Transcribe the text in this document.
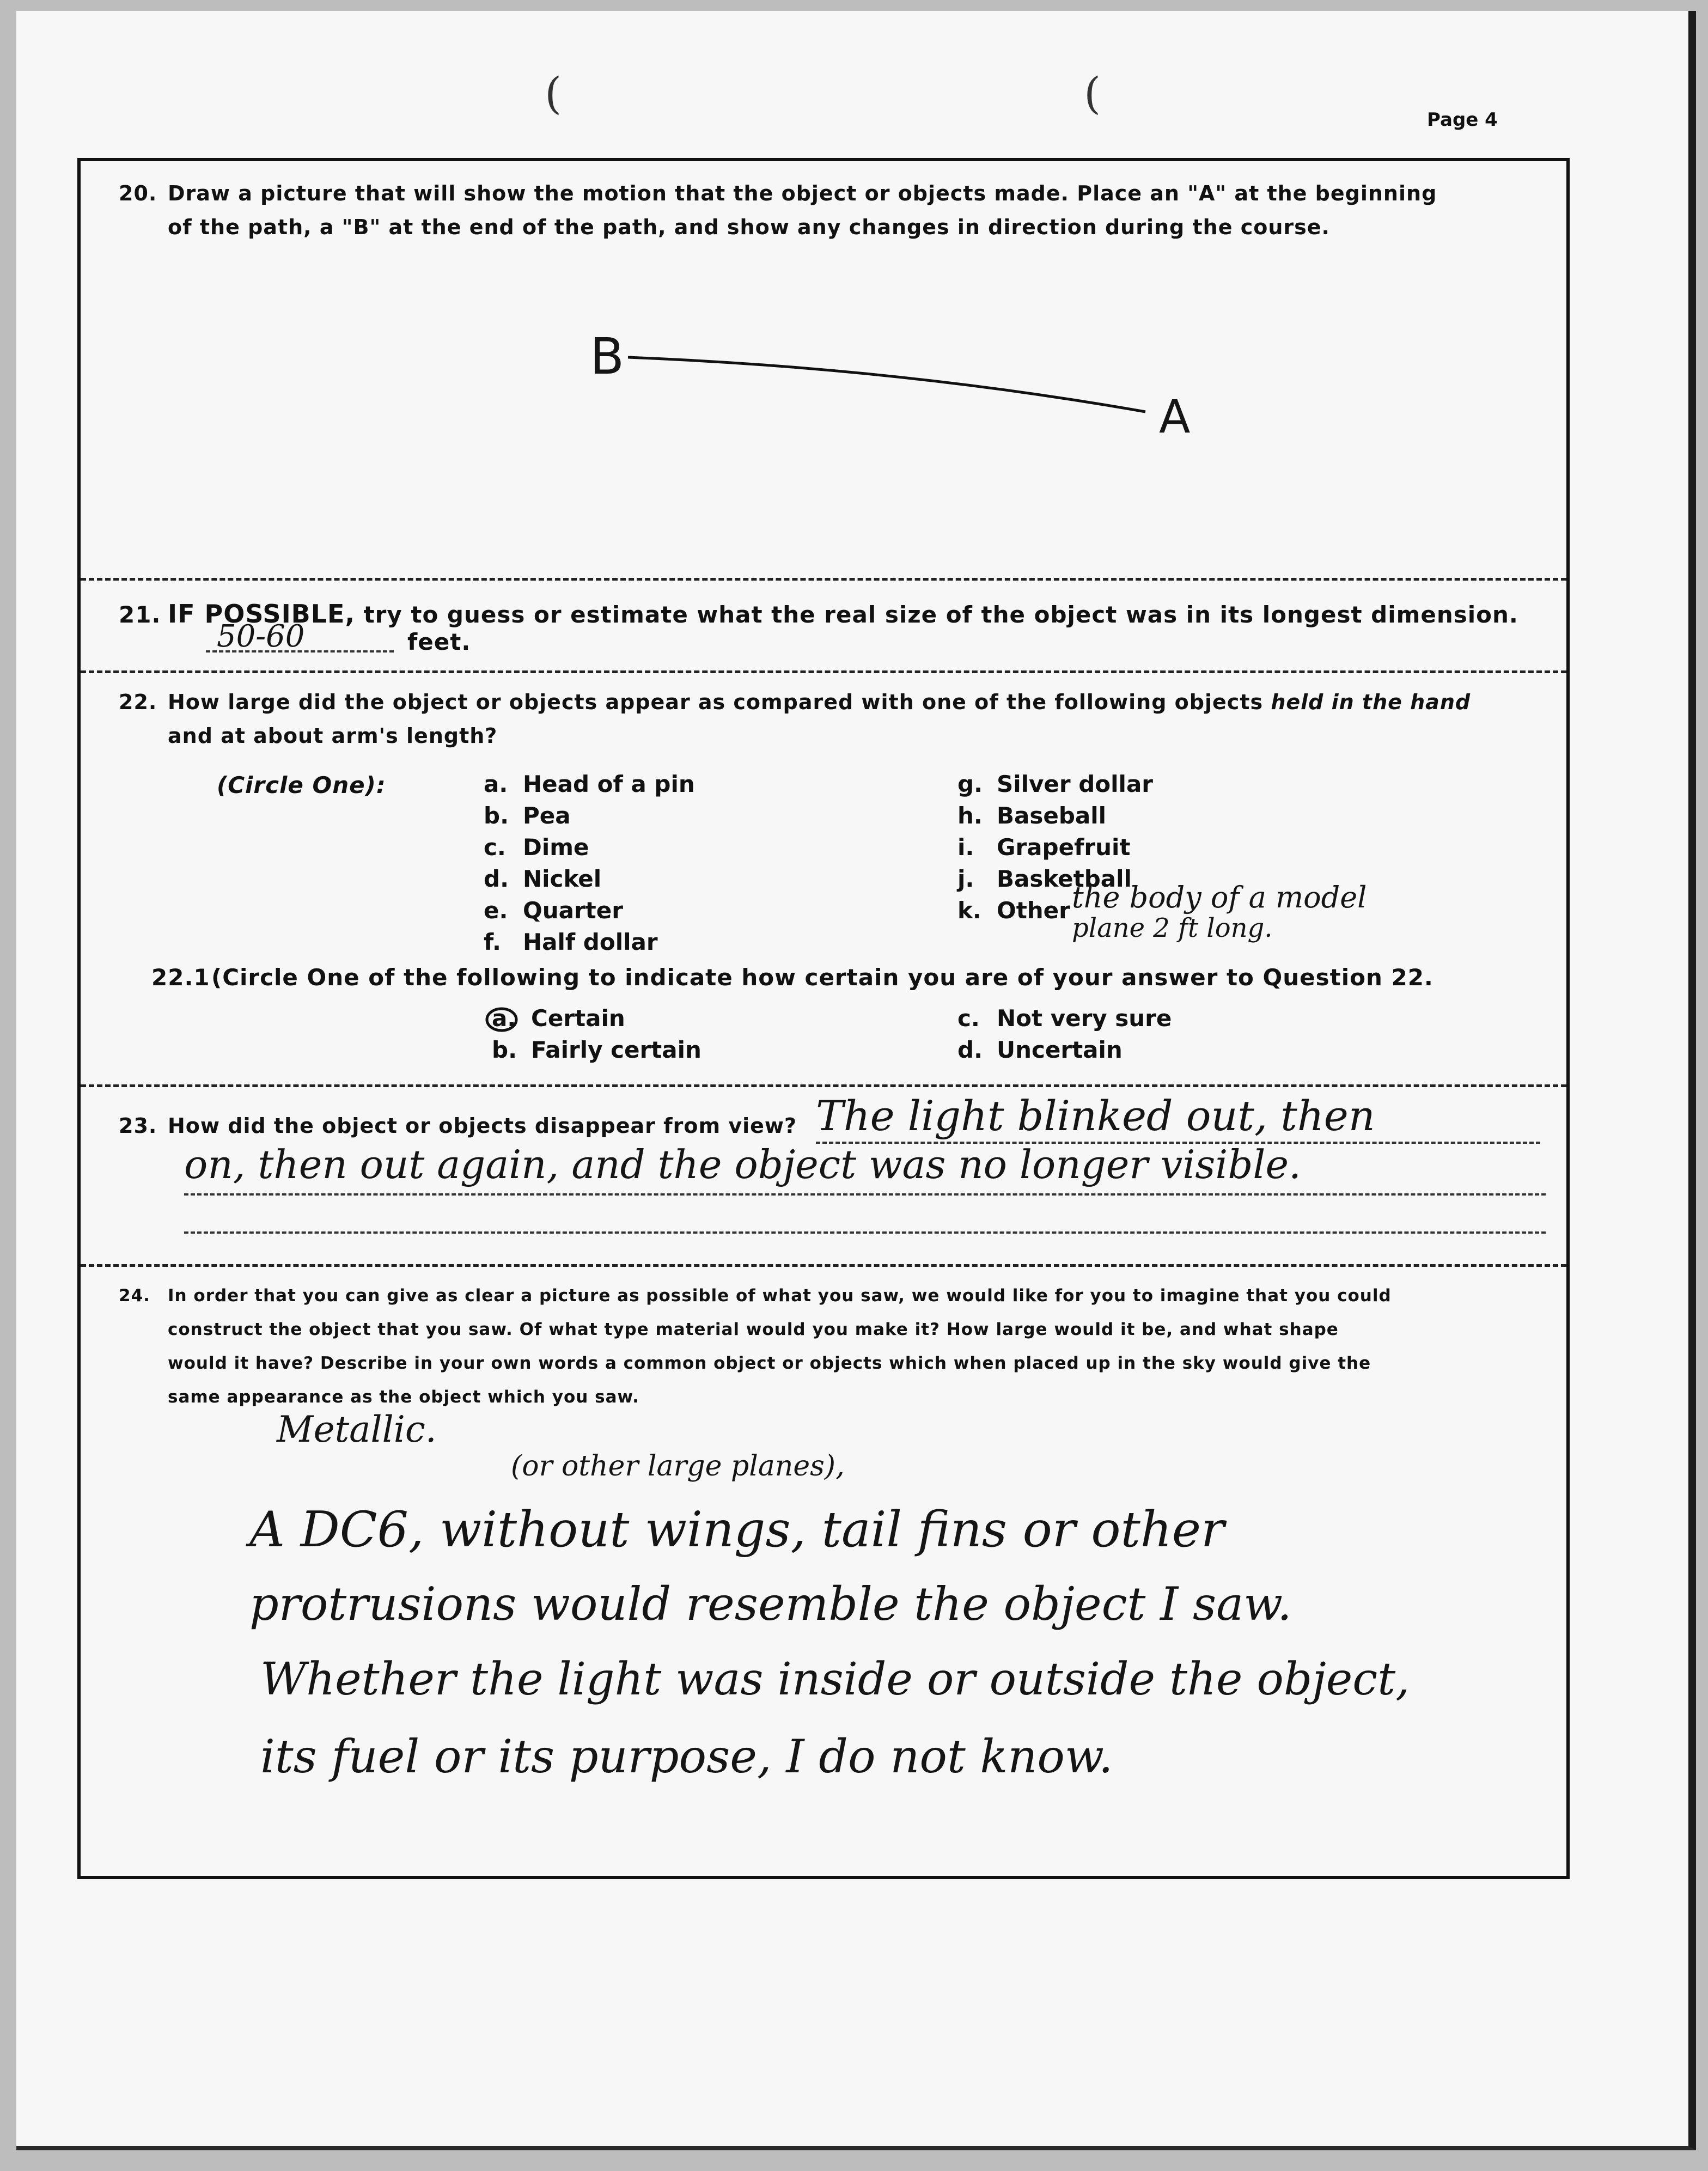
(	(
Page 4
20. Draw a picture that will show the motion that the object or objects made. Place an "A" at the beginning
of the path, a "B" at the end of the path, and show any changes in direction during the course.
B
A
21. IF POSSIBLE, try to guess or estimate what the real size of the object was in its longest dimension.
50-60	feet.
22. How large did the object or objects appear as compared with one of the following objects held in the hand
and at about arm's length?
(Circle One):	a. Head of a pin
b. Pea
c. Dime
d. Nickel
e. Quarter
f. Half dollar
g. Silver dollar
h. Baseball
i. Grapefruit
j. Basketball
k. Other the body of a model
plane 2 ft long.
22.1(Circle One of the following to indicate how certain you are of your answer to Question 22.
a. Certain
b. Fairly certain
c. Not very sure
d. Uncertain
23. How did the object or objects disappear from view? The light blinked out, then
on, then out again, and the object was no longer visible.
24. In order that you can give as clear a picture as possible of what you saw, we would like for you to imagine that you could
construct the object that you saw. Of what type material would you make it? How large would it be, and what shape
would it have? Describe in your own words a common object or objects which when placed up in the sky would give the
same appearance as the object which you saw.
Metallic.
(or other large planes),
A DC6, without wings, tail fins or other
protrusions would resemble the object I saw.
Whether the light was inside or outside the object,
its fuel or its purpose, I do not know.
